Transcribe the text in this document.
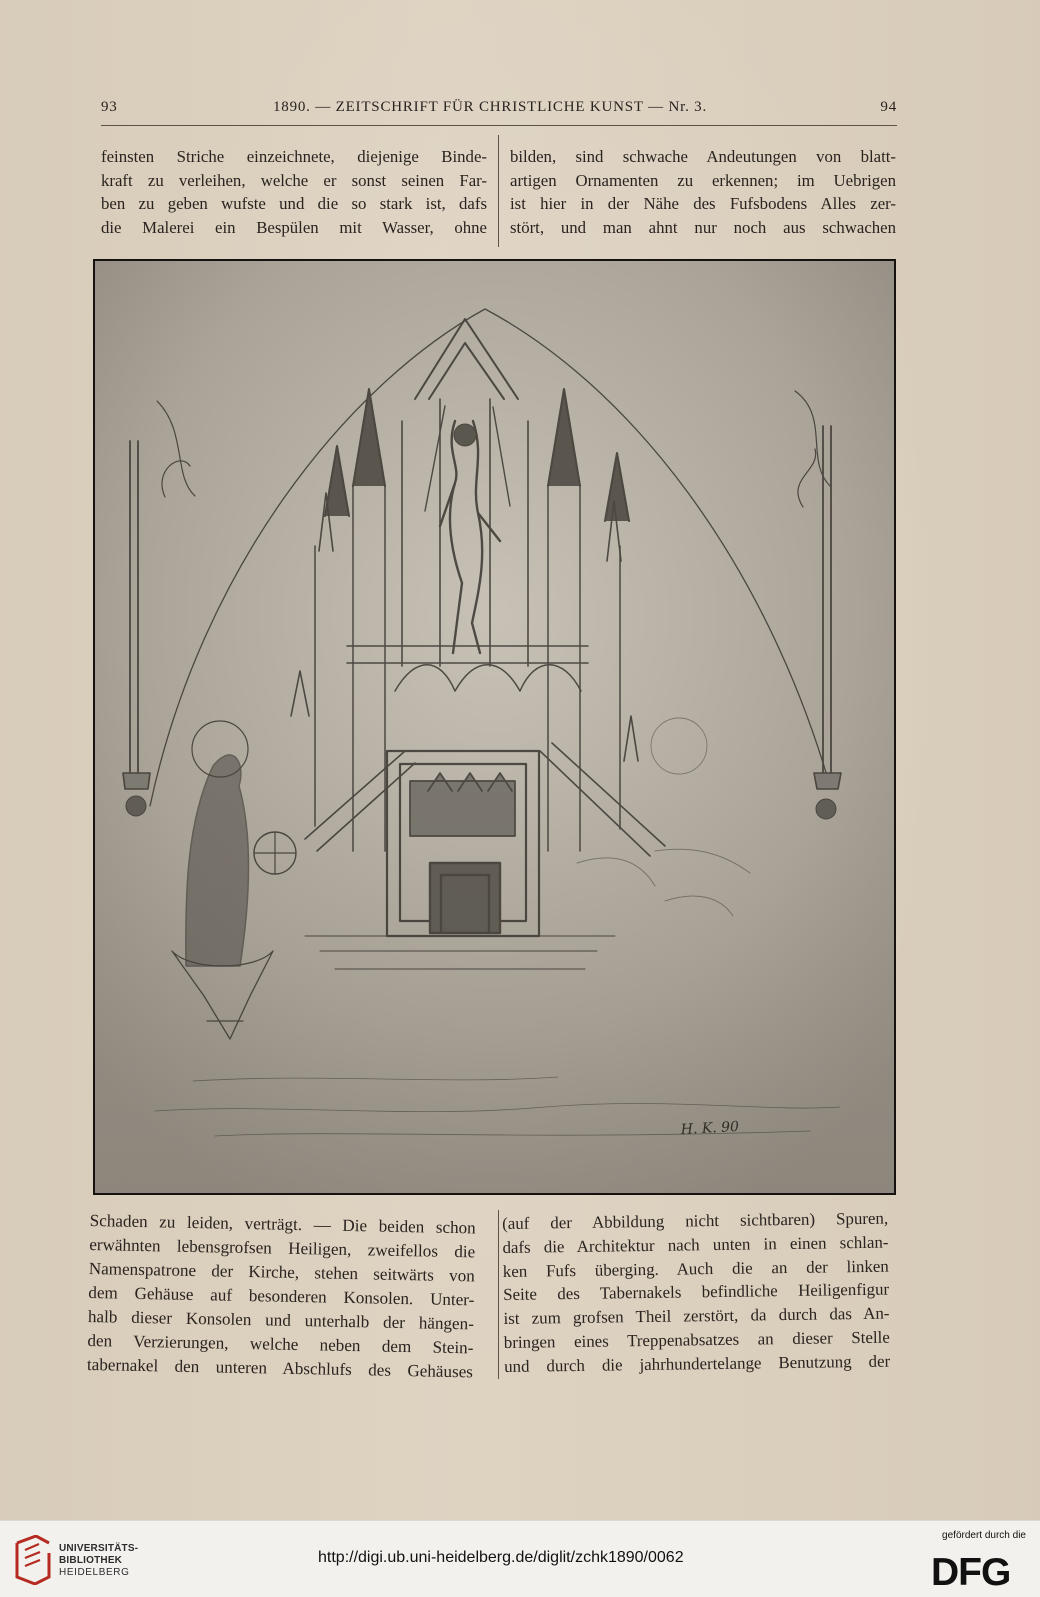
93	1890. — ZEITSCHRIFT FÜR CHRISTLICHE KUNST — Nr. 3.	94
feinsten Striche einzeichnete, diejenige Binde-
kraft zu verleihen, welche er sonst seinen Far-
ben zu geben wufste und die so stark ist, dafs
die Malerei ein Bespülen mit Wasser, ohne
bilden, sind schwache Andeutungen von blatt-
artigen Ornamenten zu erkennen; im Uebrigen
ist hier in der Nähe des Fufsbodens Alles zer-
stört, und man ahnt nur noch aus schwachen
H. K. 90
Schaden zu leiden, verträgt. — Die beiden schon
erwähnten lebensgrofsen Heiligen, zweifellos die
Namenspatrone der Kirche, stehen seitwärts von
dem Gehäuse auf besonderen Konsolen. Unter-
halb dieser Konsolen und unterhalb der hängen-
den Verzierungen, welche neben dem Stein-
tabernakel den unteren Abschlufs des Gehäuses
(auf der Abbildung nicht sichtbaren) Spuren,
dafs die Architektur nach unten in einen schlan-
ken Fufs überging. Auch die an der linken
Seite des Tabernakels befindliche Heiligenfigur
ist zum grofsen Theil zerstört, da durch das An-
bringen eines Treppenabsatzes an dieser Stelle
und durch die jahrhundertelange Benutzung der
UNIVERSITÄTS-
BIBLIOTHEK
HEIDELBERG
http://digi.ub.uni-heidelberg.de/diglit/zchk1890/0062
gefördert durch die
DFG
